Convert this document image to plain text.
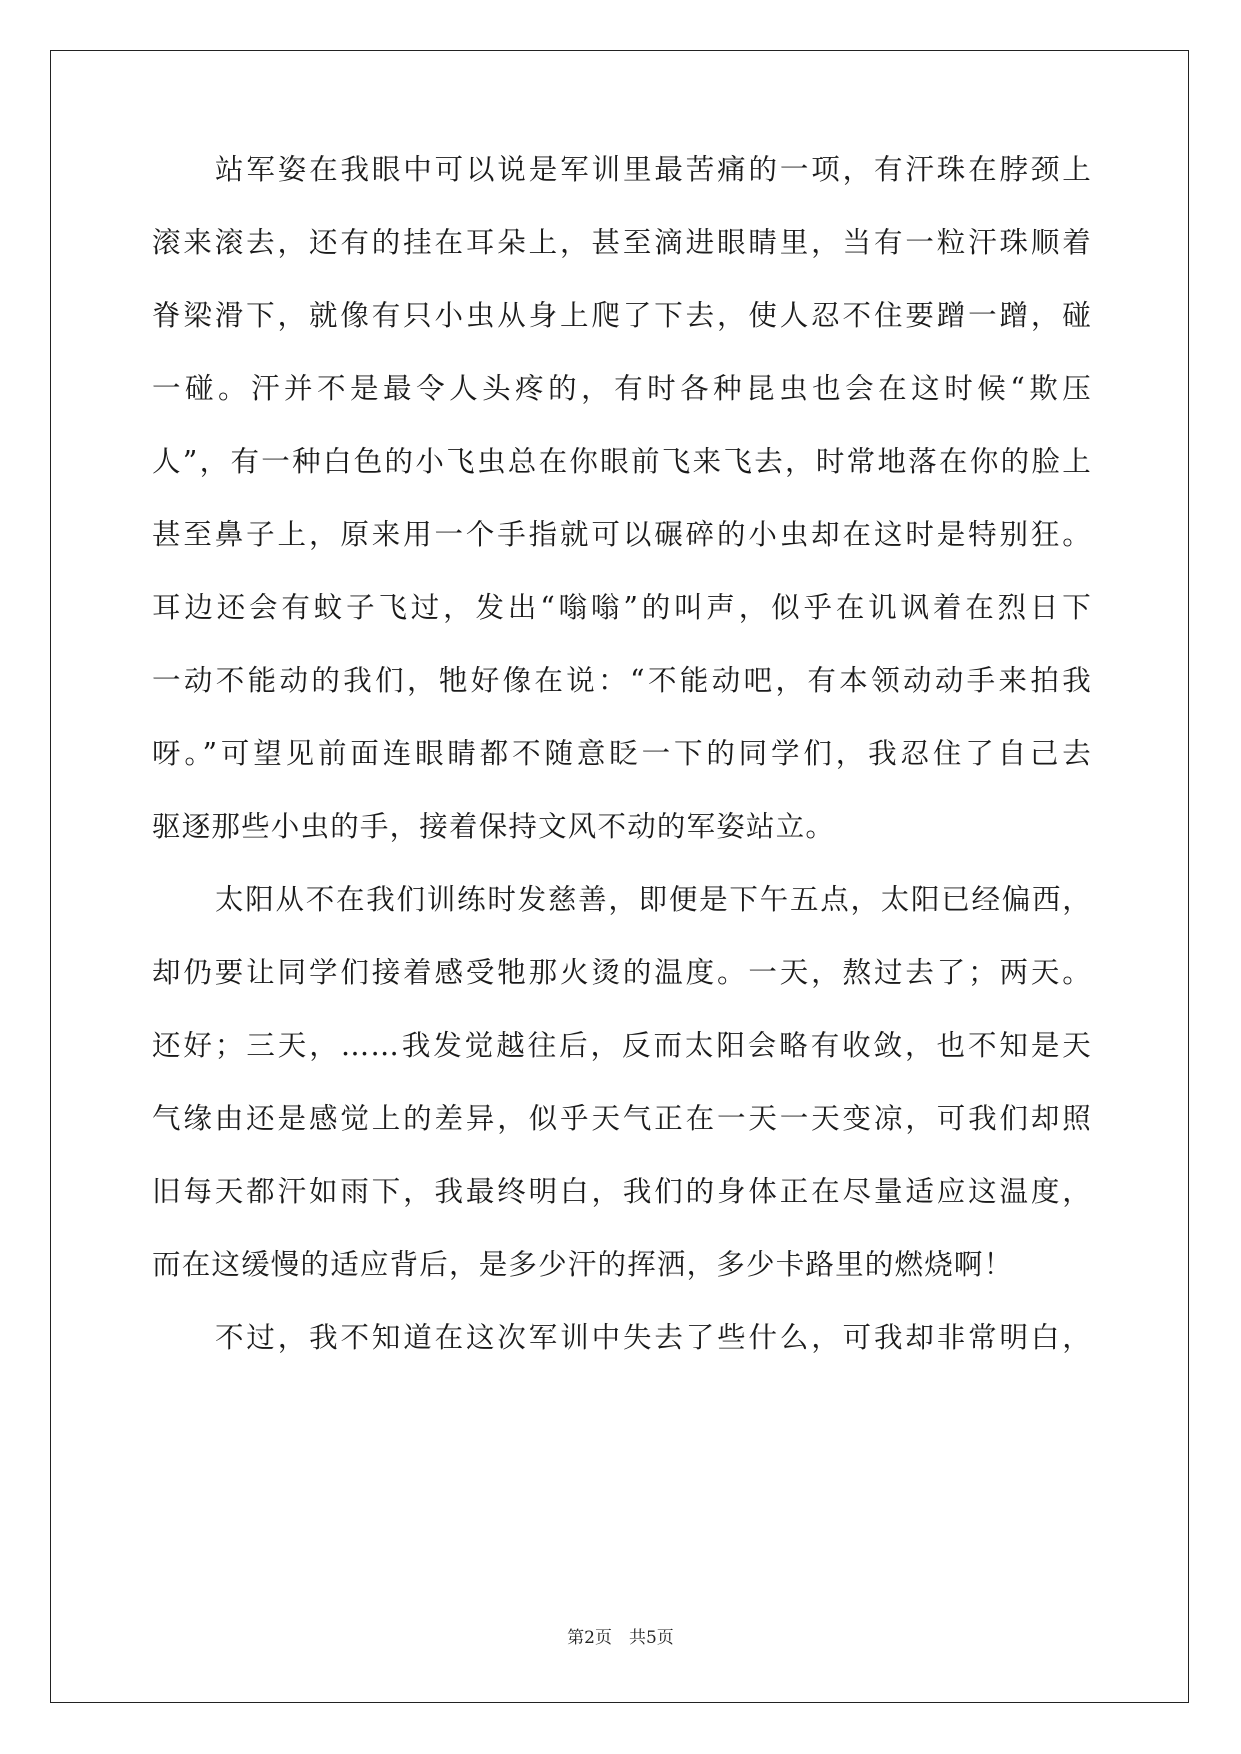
站军姿在我眼中可以说是军训里最苦痛的一项，有汗珠在脖颈上
滚来滚去，还有的挂在耳朵上，甚至滴进眼睛里，当有一粒汗珠顺着
脊梁滑下，就像有只小虫从身上爬了下去，使人忍不住要蹭一蹭，碰
一碰。汗并不是最令人头疼的，有时各种昆虫也会在这时候“欺压
人”，有一种白色的小飞虫总在你眼前飞来飞去，时常地落在你的脸上
甚至鼻子上，原来用一个手指就可以碾碎的小虫却在这时是特别狂。
耳边还会有蚊子飞过，发出“嗡嗡”的叫声，似乎在讥讽着在烈日下
一动不能动的我们，牠好像在说：“不能动吧，有本领动动手来拍我
呀。”可望见前面连眼睛都不随意眨一下的同学们，我忍住了自己去
驱逐那些小虫的手，接着保持文风不动的军姿站立。
太阳从不在我们训练时发慈善，即便是下午五点，太阳已经偏西，
却仍要让同学们接着感受牠那火烫的温度。一天，熬过去了；两天。
还好；三天，……我发觉越往后，反而太阳会略有收敛，也不知是天
气缘由还是感觉上的差异，似乎天气正在一天一天变凉，可我们却照
旧每天都汗如雨下，我最终明白，我们的身体正在尽量适应这温度，
而在这缓慢的适应背后，是多少汗的挥洒，多少卡路里的燃烧啊！
不过，我不知道在这次军训中失去了些什么，可我却非常明白，
第2页　共5页
